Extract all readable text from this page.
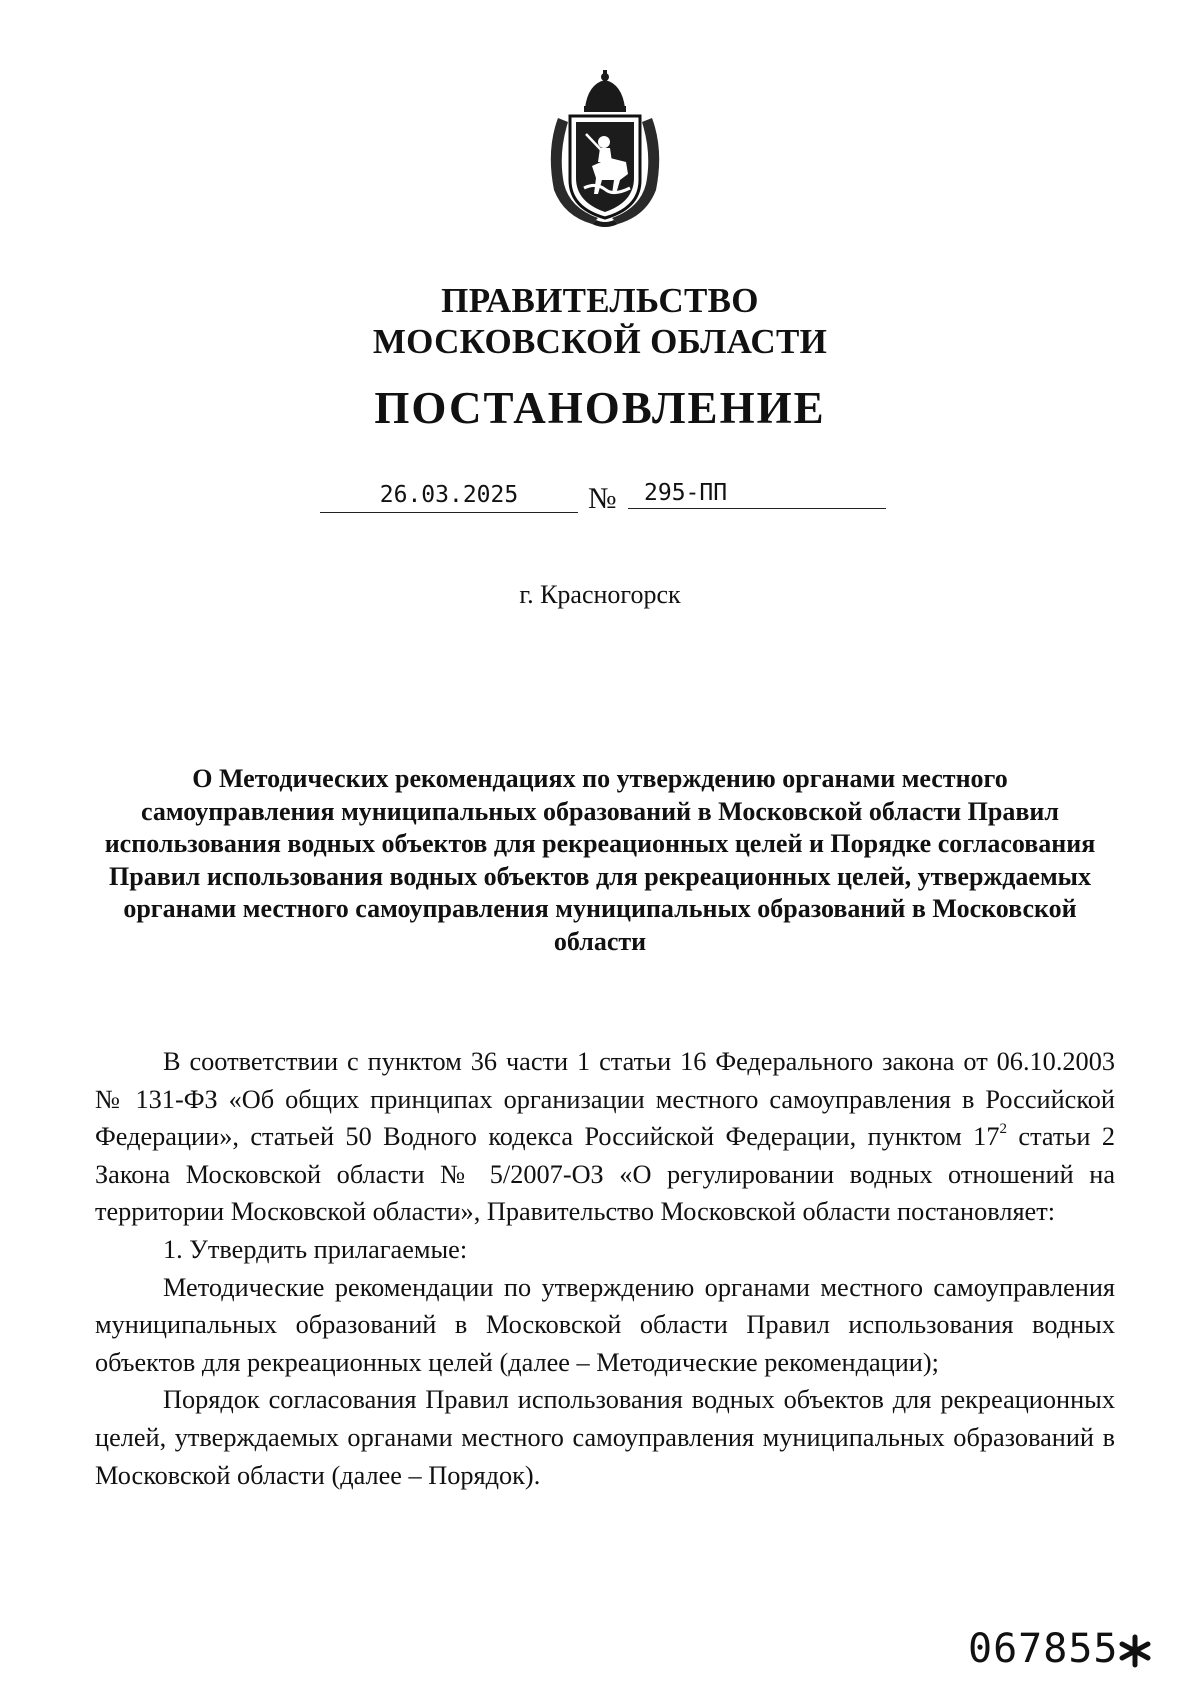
ПРАВИТЕЛЬСТВО
МОСКОВСКОЙ ОБЛАСТИ
ПОСТАНОВЛЕНИЕ
26.03.2025	№	295-ПП
г. Красногорск
О Методических рекомендациях по утверждению органами местного самоуправления муниципальных образований в Московской области Правил использования водных объектов для рекреационных целей и Порядке согласования Правил использования водных объектов для рекреационных целей, утверждаемых органами местного самоуправления муниципальных образований в Московской области

В соответствии с пунктом 36 части 1 статьи 16 Федерального закона от 06.10.2003 № 131-ФЗ «Об общих принципах организации местного самоуправления в Российской Федерации», статьей 50 Водного кодекса Российской Федерации, пунктом $17^2$ статьи 2 Закона Московской области № 5/2007-ОЗ «О регулировании водных отношений на территории Московской области», Правительство Московской области постановляет:

1. Утвердить прилагаемые:

Методические рекомендации по утверждению органами местного самоуправления муниципальных образований в Московской области Правил использования водных объектов для рекреационных целей (далее – Методические рекомендации);

Порядок согласования Правил использования водных объектов для рекреационных целей, утверждаемых органами местного самоуправления муниципальных образований в Московской области (далее – Порядок).

067855
